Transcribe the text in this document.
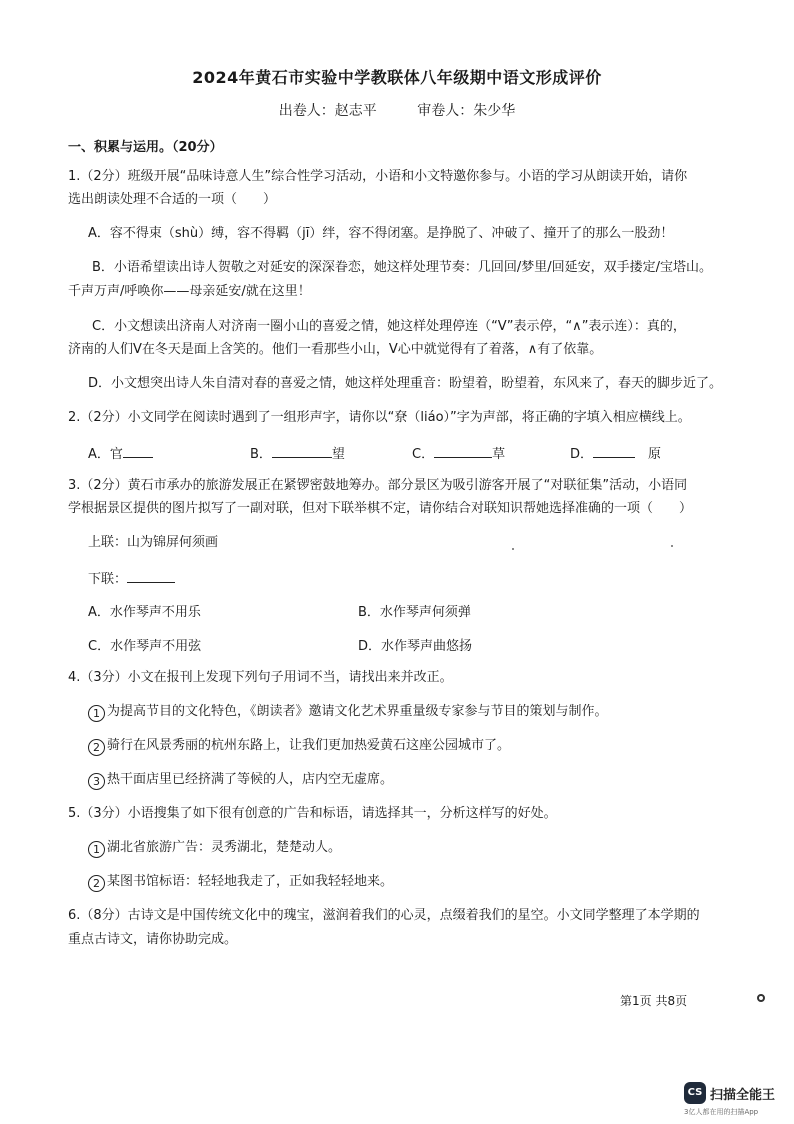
2024年黄石市实验中学教联体八年级期中语文形成评价
出卷人：赵志平	审卷人：朱少华
一、积累与运用。（20分）
1.（2分）班级开展“品味诗意人生”综合性学习活动，小语和小文特邀你参与。小语的学习从朗读开始，请你
选出朗读处理不合适的一项（　　）
A．容不得束（shù）缚，容不得羁（jī）绊，容不得闭塞。是挣脱了、冲破了、撞开了的那么一股劲！
B．小语希望读出诗人贺敬之对延安的深深眷恋，她这样处理节奏：几回回/梦里/回延安，双手搂定/宝塔山。
千声万声/呼唤你——母亲延安/就在这里！
C．小文想读出济南人对济南一圈小山的喜爱之情，她这样处理停连（“V”表示停，“∧”表示连）：真的，
济南的人们Ⅴ在冬天是面上含笑的。他们一看那些小山，Ⅴ心中就觉得有了着落，∧有了依靠。
D．小文想突出诗人朱自清对春的喜爱之情，她这样处理重音：盼望着，盼望着，东风来了，春天的脚步近了。
2.（2分）小文同学在阅读时遇到了一组形声字，请你以“尞（liáo）”字为声部，将正确的字填入相应横线上。
A．官	B．	望	C．	草	D．　	原
3.（2分）黄石市承办的旅游发展正在紧锣密鼓地筹办。部分景区为吸引游客开展了“对联征集”活动，小语同
学根据景区提供的图片拟写了一副对联，但对下联举棋不定，请你结合对联知识帮她选择准确的一项（　　）
上联：山为锦屏何须画
下联：
A．水作琴声不用乐	B．水作琴声何须弹
C．水作琴声不用弦	D．水作琴声曲悠扬
4.（3分）小文在报刊上发现下列句子用词不当，请找出来并改正。
1 为提高节目的文化特色，《朗读者》邀请文化艺术界重量级专家参与节目的策划与制作。
2 骑行在风景秀丽的杭州东路上，让我们更加热爱黄石这座公园城市了。
3 热干面店里已经挤满了等候的人，店内空无虚席。
5.（3分）小语搜集了如下很有创意的广告和标语，请选择其一，分析这样写的好处。
1 湖北省旅游广告：灵秀湖北，楚楚动人。
2 某图书馆标语：轻轻地我走了，正如我轻轻地来。
6.（8分）古诗文是中国传统文化中的瑰宝，滋润着我们的心灵，点缀着我们的星空。小文同学整理了本学期的
重点古诗文，请你协助完成。
第1页 共8页
CS 扫描全能王
3亿人都在用的扫描App
